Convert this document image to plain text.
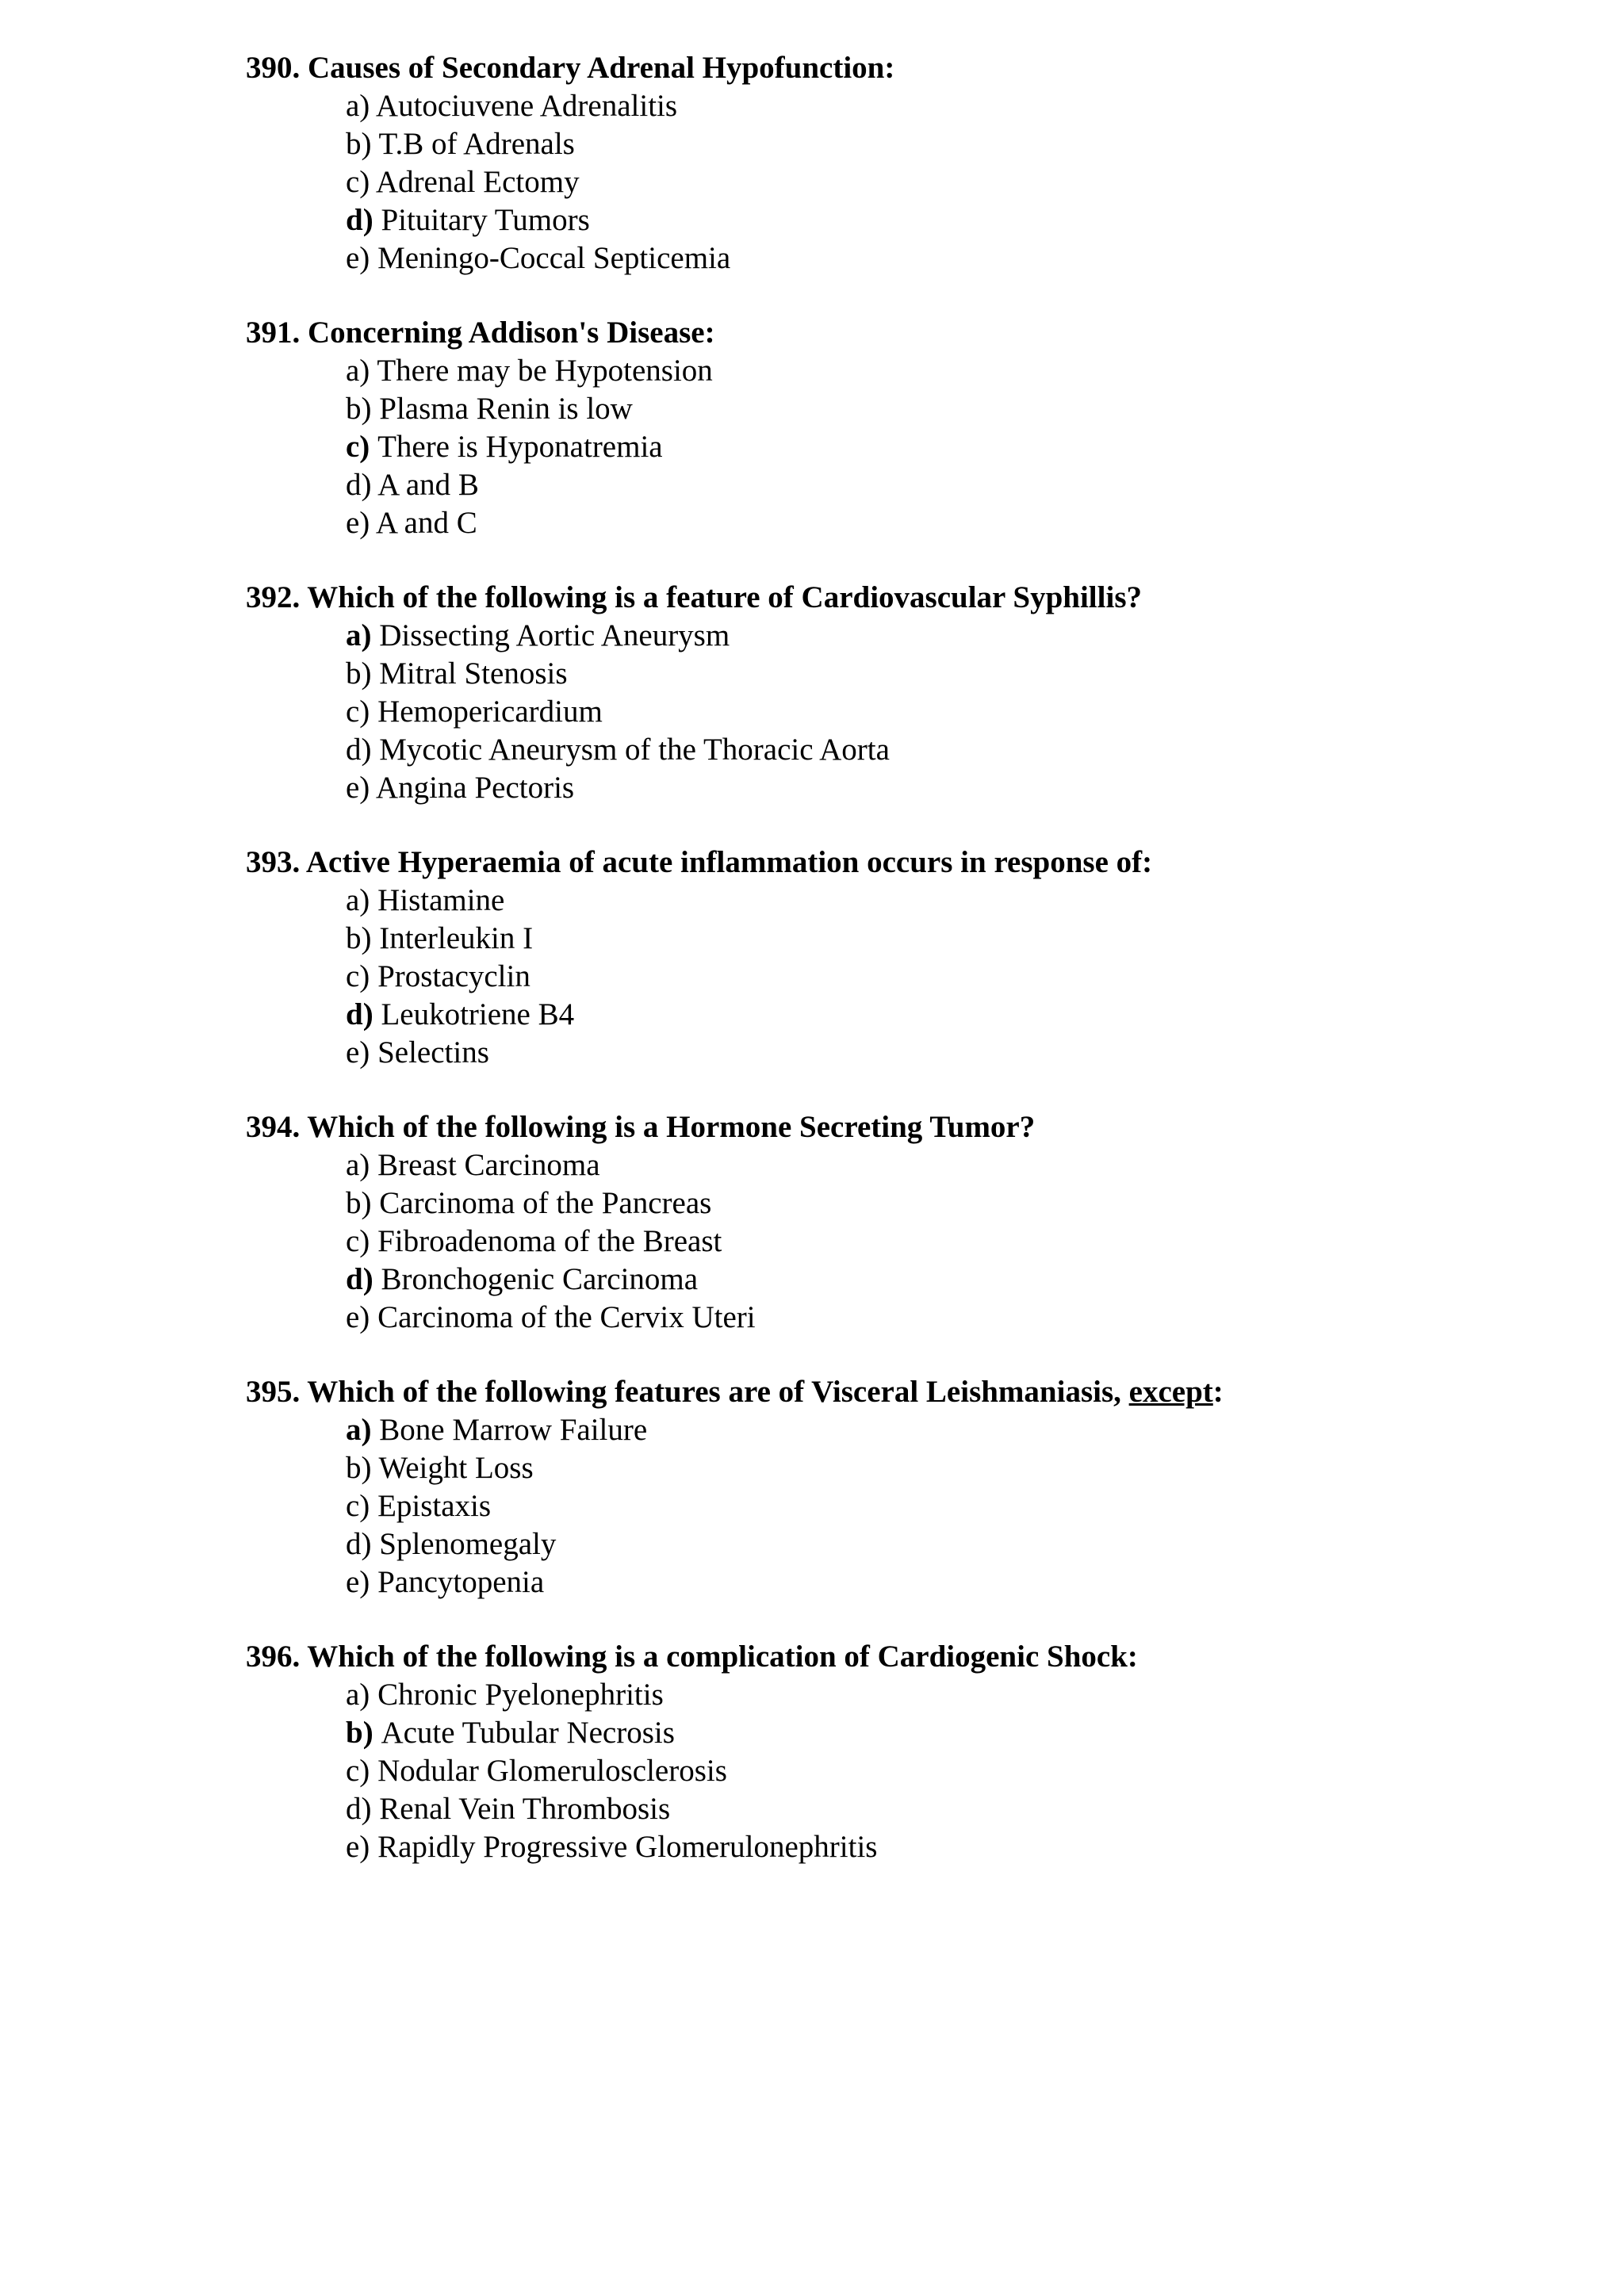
390. Causes of Secondary Adrenal Hypofunction:
a) Autociuvene Adrenalitis
b) T.B of Adrenals
c) Adrenal Ectomy
d) Pituitary Tumors
e) Meningo-Coccal Septicemia
391. Concerning Addison's Disease:
a) There may be Hypotension
b) Plasma Renin is low
c) There is Hyponatremia
d) A and B
e) A and C
392. Which of the following is a feature of Cardiovascular Syphillis?
a) Dissecting Aortic Aneurysm
b) Mitral Stenosis
c) Hemopericardium
d) Mycotic Aneurysm of the Thoracic Aorta
e) Angina Pectoris
393. Active Hyperaemia of acute inflammation occurs in response of:
a) Histamine
b) Interleukin I
c) Prostacyclin
d) Leukotriene B4
e) Selectins
394. Which of the following is a Hormone Secreting Tumor?
a) Breast Carcinoma
b) Carcinoma of the Pancreas
c) Fibroadenoma of the Breast
d) Bronchogenic Carcinoma
e) Carcinoma of the Cervix Uteri
395. Which of the following features are of Visceral Leishmaniasis, except:
a) Bone Marrow Failure
b) Weight Loss
c) Epistaxis
d) Splenomegaly
e) Pancytopenia
396. Which of the following is a complication of Cardiogenic Shock:
a) Chronic Pyelonephritis
b) Acute Tubular Necrosis
c) Nodular Glomerulosclerosis
d) Renal Vein Thrombosis
e) Rapidly Progressive Glomerulonephritis
